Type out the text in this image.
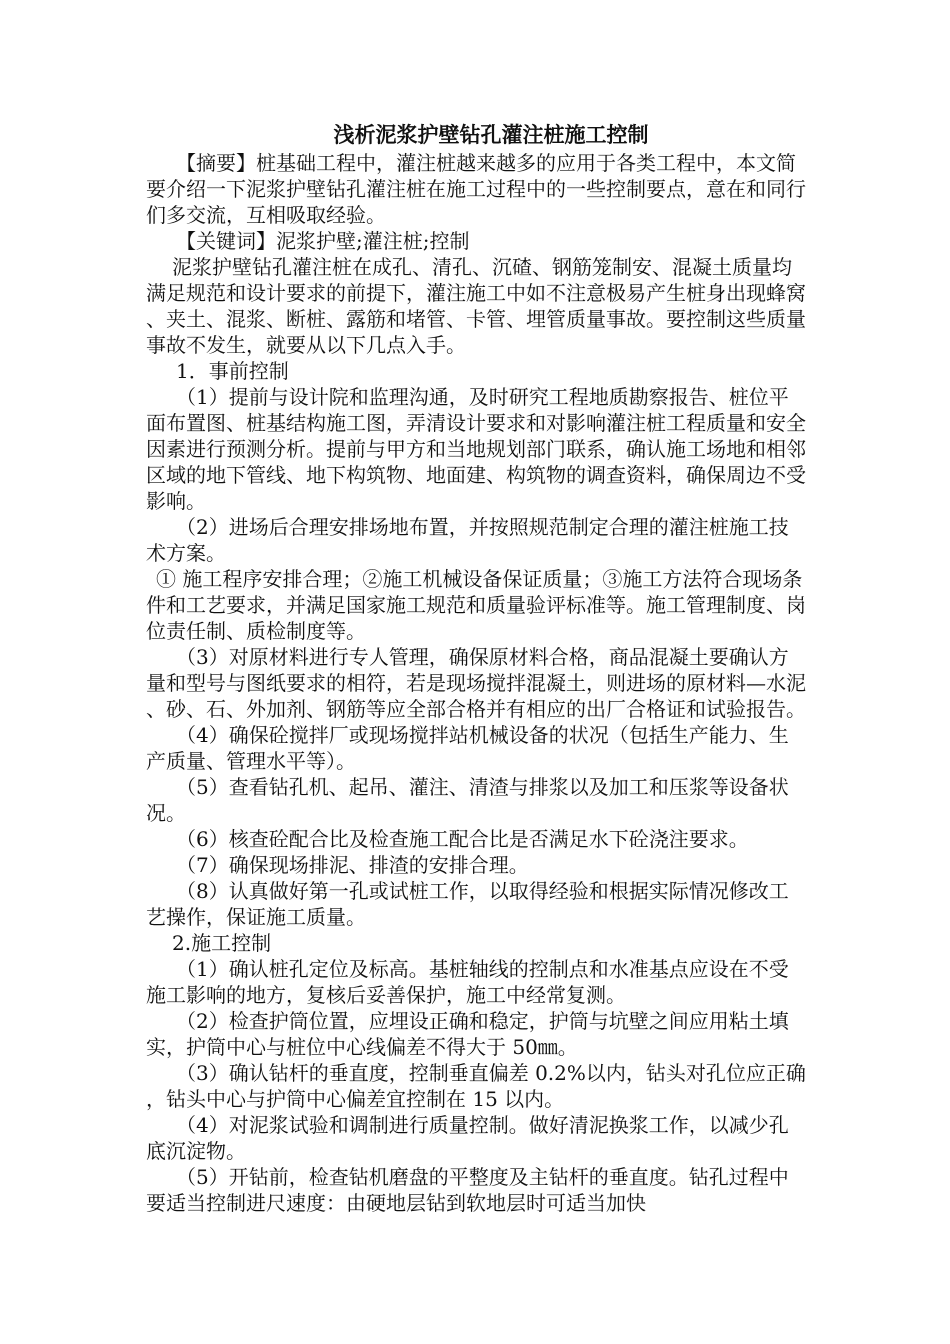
浅析泥浆护壁钻孔灌注桩施工控制

【摘要】桩基础工程中，灌注桩越来越多的应用于各类工程中，本文简要介绍一下泥浆护壁钻孔灌注桩在施工过程中的一些控制要点，意在和同行们多交流，互相吸取经验。

【关键词】泥浆护壁;灌注桩;控制

泥浆护壁钻孔灌注桩在成孔、清孔、沉碴、钢筋笼制安、混凝土质量均满足规范和设计要求的前提下，灌注施工中如不注意极易产生桩身出现蜂窝、夹土、混浆、断桩、露筋和堵管、卡管、埋管质量事故。要控制这些质量事故不发生，就要从以下几点入手。

1．事前控制

（1）提前与设计院和监理沟通，及时研究工程地质勘察报告、桩位平面布置图、桩基结构施工图，弄清设计要求和对影响灌注桩工程质量和安全因素进行预测分析。提前与甲方和当地规划部门联系，确认施工场地和相邻区域的地下管线、地下构筑物、地面建、构筑物的调查资料，确保周边不受影响。

（2）进场后合理安排场地布置，并按照规范制定合理的灌注桩施工技术方案。

① 施工程序安排合理；②施工机械设备保证质量；③施工方法符合现场条件和工艺要求，并满足国家施工规范和质量验评标准等。施工管理制度、岗位责任制、质检制度等。

（3）对原材料进行专人管理，确保原材料合格，商品混凝土要确认方量和型号与图纸要求的相符，若是现场搅拌混凝土，则进场的原材料—水泥、砂、石、外加剂、钢筋等应全部合格并有相应的出厂合格证和试验报告。

（4）确保砼搅拌厂或现场搅拌站机械设备的状况（包括生产能力、生产质量、管理水平等）。

（5）查看钻孔机、起吊、灌注、清渣与排浆以及加工和压浆等设备状况。

（6）核查砼配合比及检查施工配合比是否满足水下砼浇注要求。

（7）确保现场排泥、排渣的安排合理。

（8）认真做好第一孔或试桩工作，以取得经验和根据实际情况修改工艺操作，保证施工质量。

2.施工控制

（1）确认桩孔定位及标高。基桩轴线的控制点和水准基点应设在不受施工影响的地方，复核后妥善保护，施工中经常复测。

（2）检查护筒位置，应埋设正确和稳定，护筒与坑壁之间应用粘土填实，护筒中心与桩位中心线偏差不得大于 50㎜。

（3）确认钻杆的垂直度，控制垂直偏差 0.2%以内，钻头对孔位应正确，钻头中心与护筒中心偏差宜控制在 15 以内。

（4）对泥浆试验和调制进行质量控制。做好清泥换浆工作，以减少孔底沉淀物。

（5）开钻前，检查钻机磨盘的平整度及主钻杆的垂直度。钻孔过程中要适当控制进尺速度：由硬地层钻到软地层时可适当加快
